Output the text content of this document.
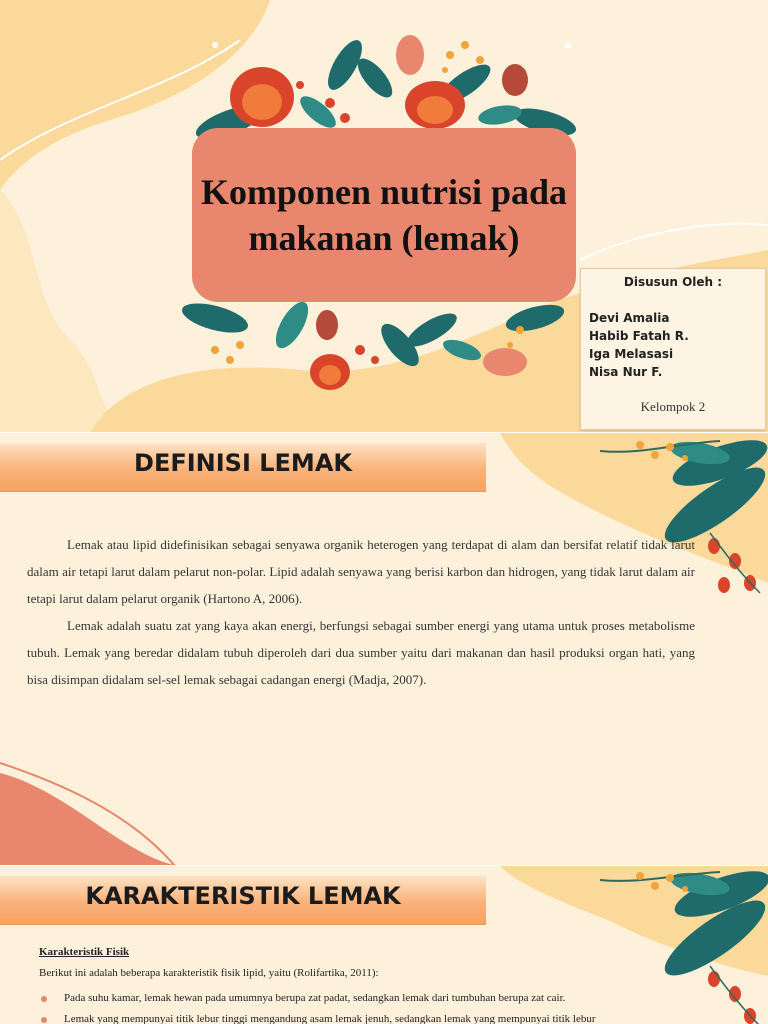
Komponen nutrisi pada makanan (lemak)
Disusun Oleh :
Devi Amalia
Habib Fatah R.
Iga Melasasi
Nisa Nur F.
Kelompok 2
DEFINISI LEMAK

Lemak atau lipid didefinisikan sebagai senyawa organik heterogen yang terdapat di alam dan bersifat relatif tidak larut dalam air tetapi larut dalam pelarut non-polar. Lipid adalah senyawa yang berisi karbon dan hidrogen, yang tidak larut dalam air tetapi larut dalam pelarut organik (Hartono A, 2006).

Lemak adalah suatu zat yang kaya akan energi, berfungsi sebagai sumber energi yang utama untuk proses metabolisme tubuh. Lemak yang beredar didalam tubuh diperoleh dari dua sumber yaitu dari makanan dan hasil produksi organ hati, yang bisa disimpan didalam sel-sel lemak sebagai cadangan energi (Madja, 2007).

KARAKTERISTIK LEMAK
Karakteristik Fisik
Berikut ini adalah beberapa karakteristik fisik lipid, yaitu (Rolifartika, 2011):
Pada suhu kamar, lemak hewan pada umumnya berupa zat padat, sedangkan lemak dari tumbuhan berupa zat cair.
Lemak yang mempunyai titik lebur tinggi mengandung asam lemak jenuh, sedangkan lemak yang mempunyai titik lebur
